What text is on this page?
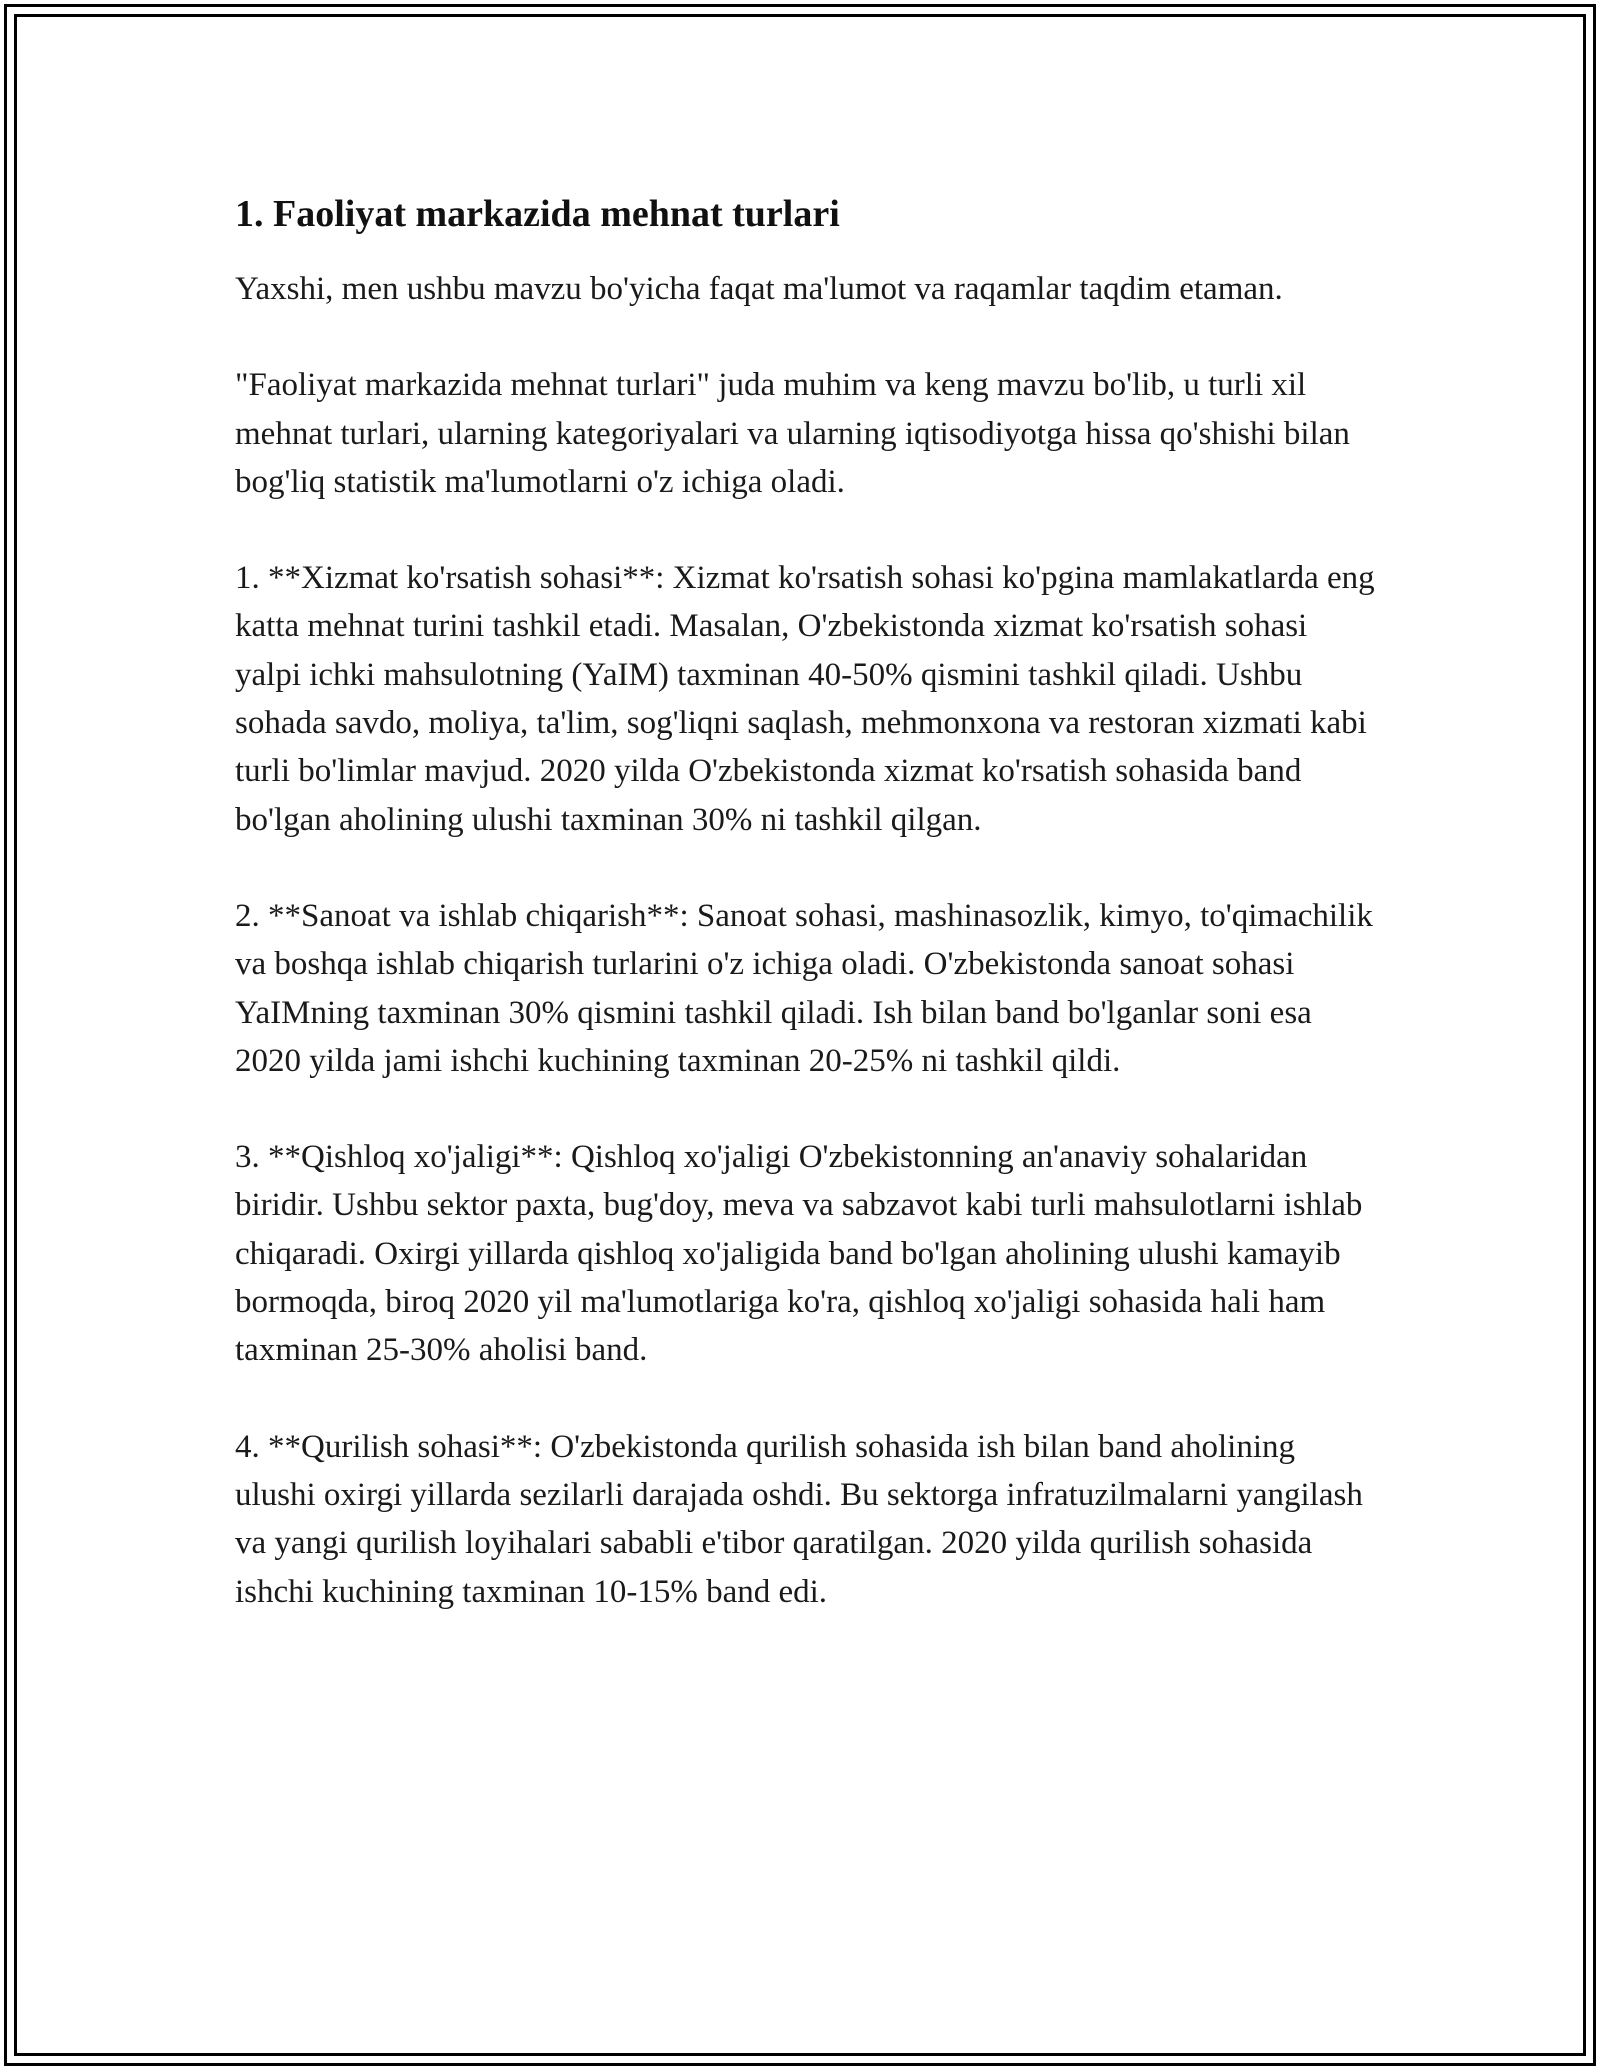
1. Faoliyat markazida mehnat turlari

Yaxshi, men ushbu mavzu bo'yicha faqat ma'lumot va raqamlar taqdim etaman.

"Faoliyat markazida mehnat turlari" juda muhim va keng mavzu bo'lib, u turli xil mehnat turlari, ularning kategoriyalari va ularning iqtisodiyotga hissa qo'shishi bilan bog'liq statistik ma'lumotlarni o'z ichiga oladi.

1. **Xizmat ko'rsatish sohasi**: Xizmat ko'rsatish sohasi ko'pgina mamlakatlarda eng katta mehnat turini tashkil etadi. Masalan, O'zbekistonda xizmat ko'rsatish sohasi yalpi ichki mahsulotning (YaIM) taxminan 40-50% qismini tashkil qiladi. Ushbu sohada savdo, moliya, ta'lim, sog'liqni saqlash, mehmonxona va restoran xizmati kabi turli bo'limlar mavjud. 2020 yilda O'zbekistonda xizmat ko'rsatish sohasida band bo'lgan aholining ulushi taxminan 30% ni tashkil qilgan.

2. **Sanoat va ishlab chiqarish**: Sanoat sohasi, mashinasozlik, kimyo, to'qimachilik va boshqa ishlab chiqarish turlarini o'z ichiga oladi. O'zbekistonda sanoat sohasi YaIMning taxminan 30% qismini tashkil qiladi. Ish bilan band bo'lganlar soni esa 2020 yilda jami ishchi kuchining taxminan 20-25% ni tashkil qildi.

3. **Qishloq xo'jaligi**: Qishloq xo'jaligi O'zbekistonning an'anaviy sohalaridan biridir. Ushbu sektor paxta, bug'doy, meva va sabzavot kabi turli mahsulotlarni ishlab chiqaradi. Oxirgi yillarda qishloq xo'jaligida band bo'lgan aholining ulushi kamayib bormoqda, biroq 2020 yil ma'lumotlariga ko'ra, qishloq xo'jaligi sohasida hali ham taxminan 25-30% aholisi band.

4. **Qurilish sohasi**: O'zbekistonda qurilish sohasida ish bilan band aholining ulushi oxirgi yillarda sezilarli darajada oshdi. Bu sektorga infratuzilmalarni yangilash va yangi qurilish loyihalari sababli e'tibor qaratilgan. 2020 yilda qurilish sohasida ishchi kuchining taxminan 10-15% band edi.
